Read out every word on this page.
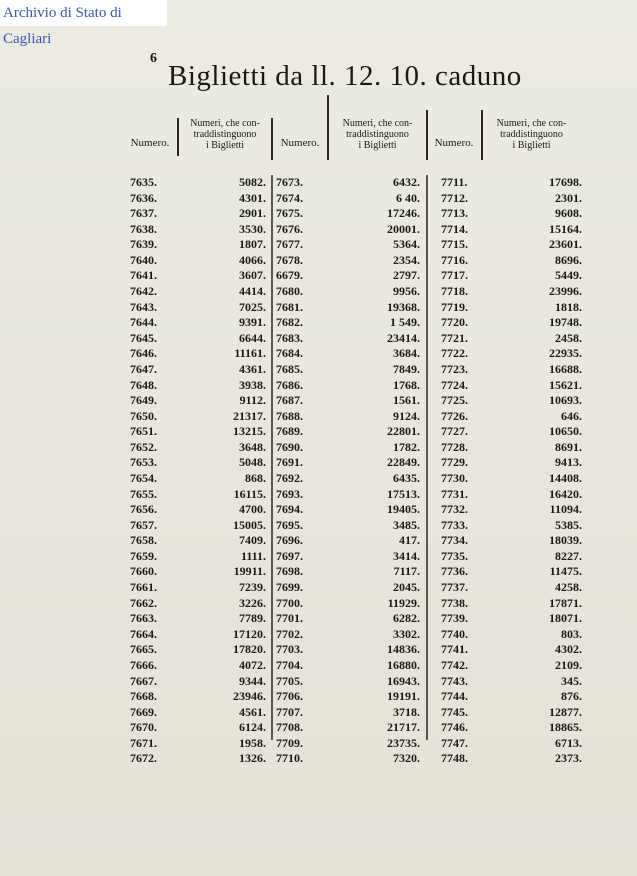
Archivio di Stato di Cagliari
6
Biglietti da ll. 12. 10. caduno
Numero.
Numeri, che con-
traddistinguono
i Biglietti	Numero.
Numeri, che con-
traddistinguono
i Biglietti	Numero.
Numeri, che con-
traddistinguono
i Biglietti
7635.
7636.
7637.
7638.
7639.
7640.
7641.
7642.
7643.
7644.
7645.
7646.
7647.
7648.
7649.
7650.
7651.
7652.
7653.
7654.
7655.
7656.
7657.
7658.
7659.
7660.
7661.
7662.
7663.
7664.
7665.
7666.
7667.
7668.
7669.
7670.
7671.
7672.
5082.
4301.
2901.
3530.
1807.
4066.
3607.
4414.
7025.
9391.
6644.
11161.
4361.
3938.
9112.
21317.
13215.
3648.
5048.
868.
16115.
4700.
15005.
7409.
1111.
19911.
7239.
3226.
7789.
17120.
17820.
4072.
9344.
23946.
4561.
6124.
1958.
1326.
7673.
7674.
7675.
7676.
7677.
7678.
6679.
7680.
7681.
7682.
7683.
7684.
7685.
7686.
7687.
7688.
7689.
7690.
7691.
7692.
7693.
7694.
7695.
7696.
7697.
7698.
7699.
7700.
7701.
7702.
7703.
7704.
7705.
7706.
7707.
7708.
7709.
7710.
6432.
6 40.
17246.
20001.
5364.
2354.
2797.
9956.
19368.
1 549.
23414.
3684.
7849.
1768.
1561.
9124.
22801.
1782.
22849.
6435.
17513.
19405.
3485.
417.
3414.
7117.
2045.
11929.
6282.
3302.
14836.
16880.
16943.
19191.
3718.
21717.
23735.
7320.
7711.
7712.
7713.
7714.
7715.
7716.
7717.
7718.
7719.
7720.
7721.
7722.
7723.
7724.
7725.
7726.
7727.
7728.
7729.
7730.
7731.
7732.
7733.
7734.
7735.
7736.
7737.
7738.
7739.
7740.
7741.
7742.
7743.
7744.
7745.
7746.
7747.
7748.
17698.
2301.
9608.
15164.
23601.
8696.
5449.
23996.
1818.
19748.
2458.
22935.
16688.
15621.
10693.
646.
10650.
8691.
9413.
14408.
16420.
11094.
5385.
18039.
8227.
11475.
4258.
17871.
18071.
803.
4302.
2109.
345.
876.
12877.
18865.
6713.
2373.
